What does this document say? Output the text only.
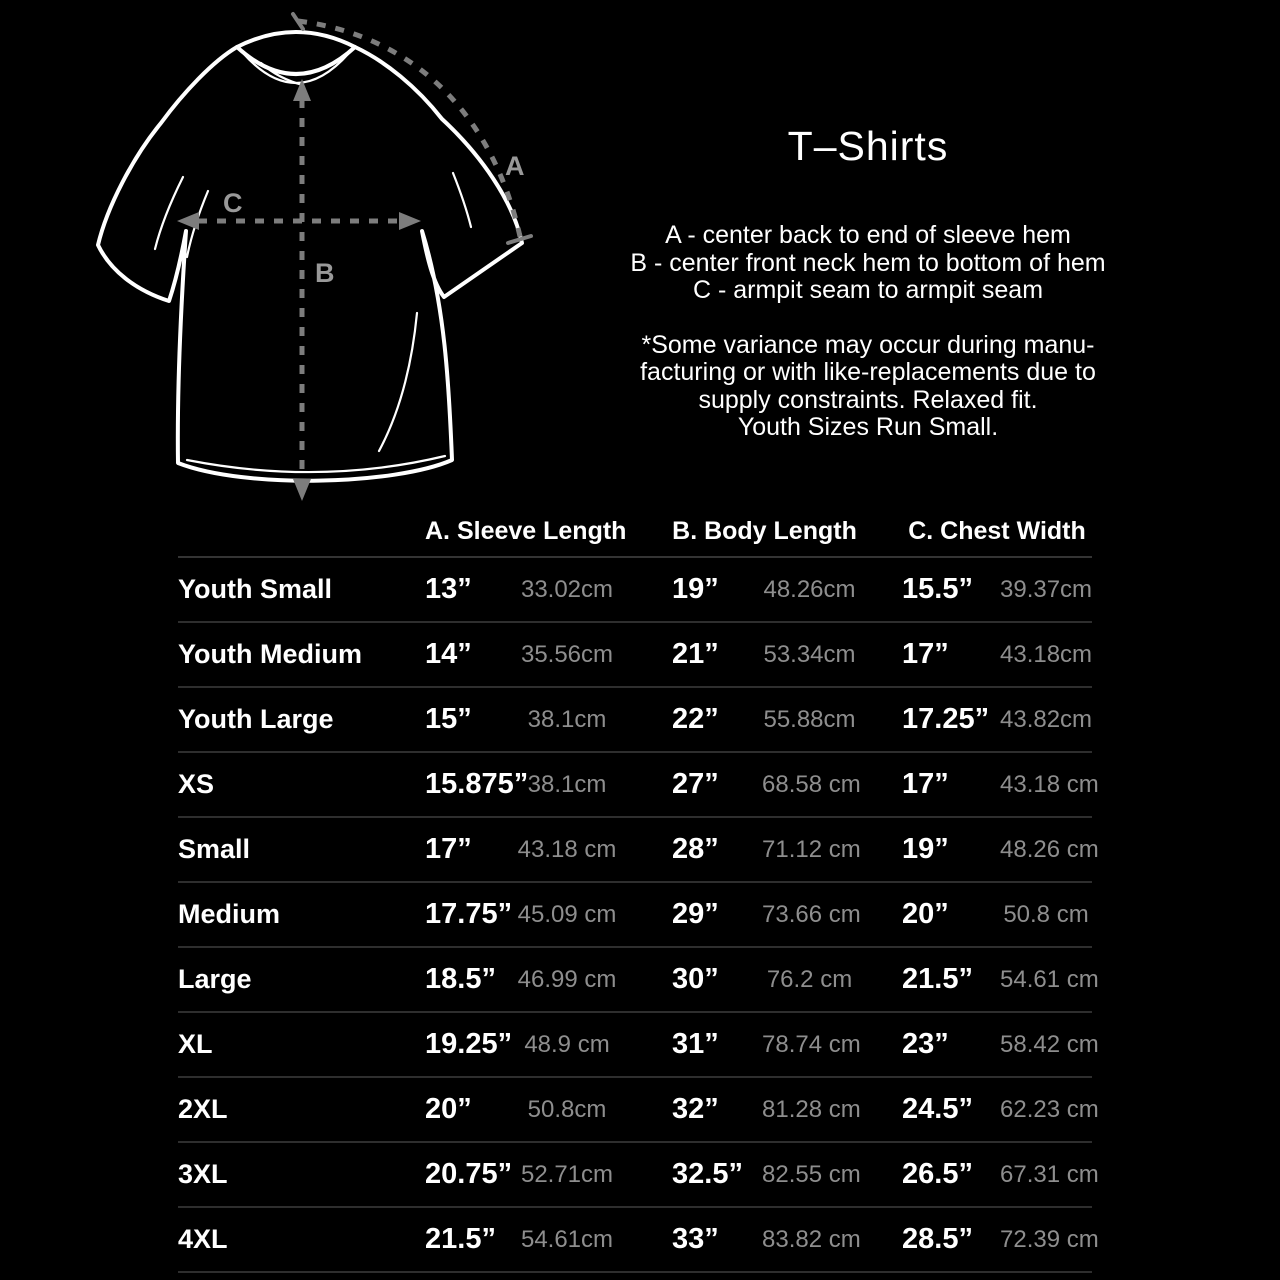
A
B
C
T–Shirts
A - center back to end of sleeve hem
B - center front neck hem to bottom of hem
C - armpit seam to armpit seam
*Some variance may occur during manu-
facturing or with like-replacements due to
supply constraints. Relaxed fit.
Youth Sizes Run Small.
A. Sleeve Length B. Body Length C. Chest Width
Youth Small	13”	33.02cm 19”	48.26cm 15.5”	39.37cm
Youth Medium	14”	35.56cm 21”	53.34cm 17”	43.18cm
Youth Large	15”	38.1cm	22”	55.88cm 17.25” 43.82cm
XS	15.875” 38.1cm	27”	68.58 cm 17”	43.18 cm
Small	17”	43.18 cm 28”	71.12 cm 19”	48.26 cm
Medium	17.75” 45.09 cm 29”	73.66 cm 20”	50.8 cm
Large	18.5” 46.99 cm 30”	76.2 cm 21.5”	54.61 cm
XL	19.25” 48.9 cm 31”	78.74 cm 23”	58.42 cm
2XL	20”	50.8cm	32”	81.28 cm 24.5”	62.23 cm
3XL	20.75” 52.71cm 32.5” 82.55 cm 26.5”	67.31 cm
4XL	21.5”	54.61cm 33”	83.82 cm 28.5”	72.39 cm
